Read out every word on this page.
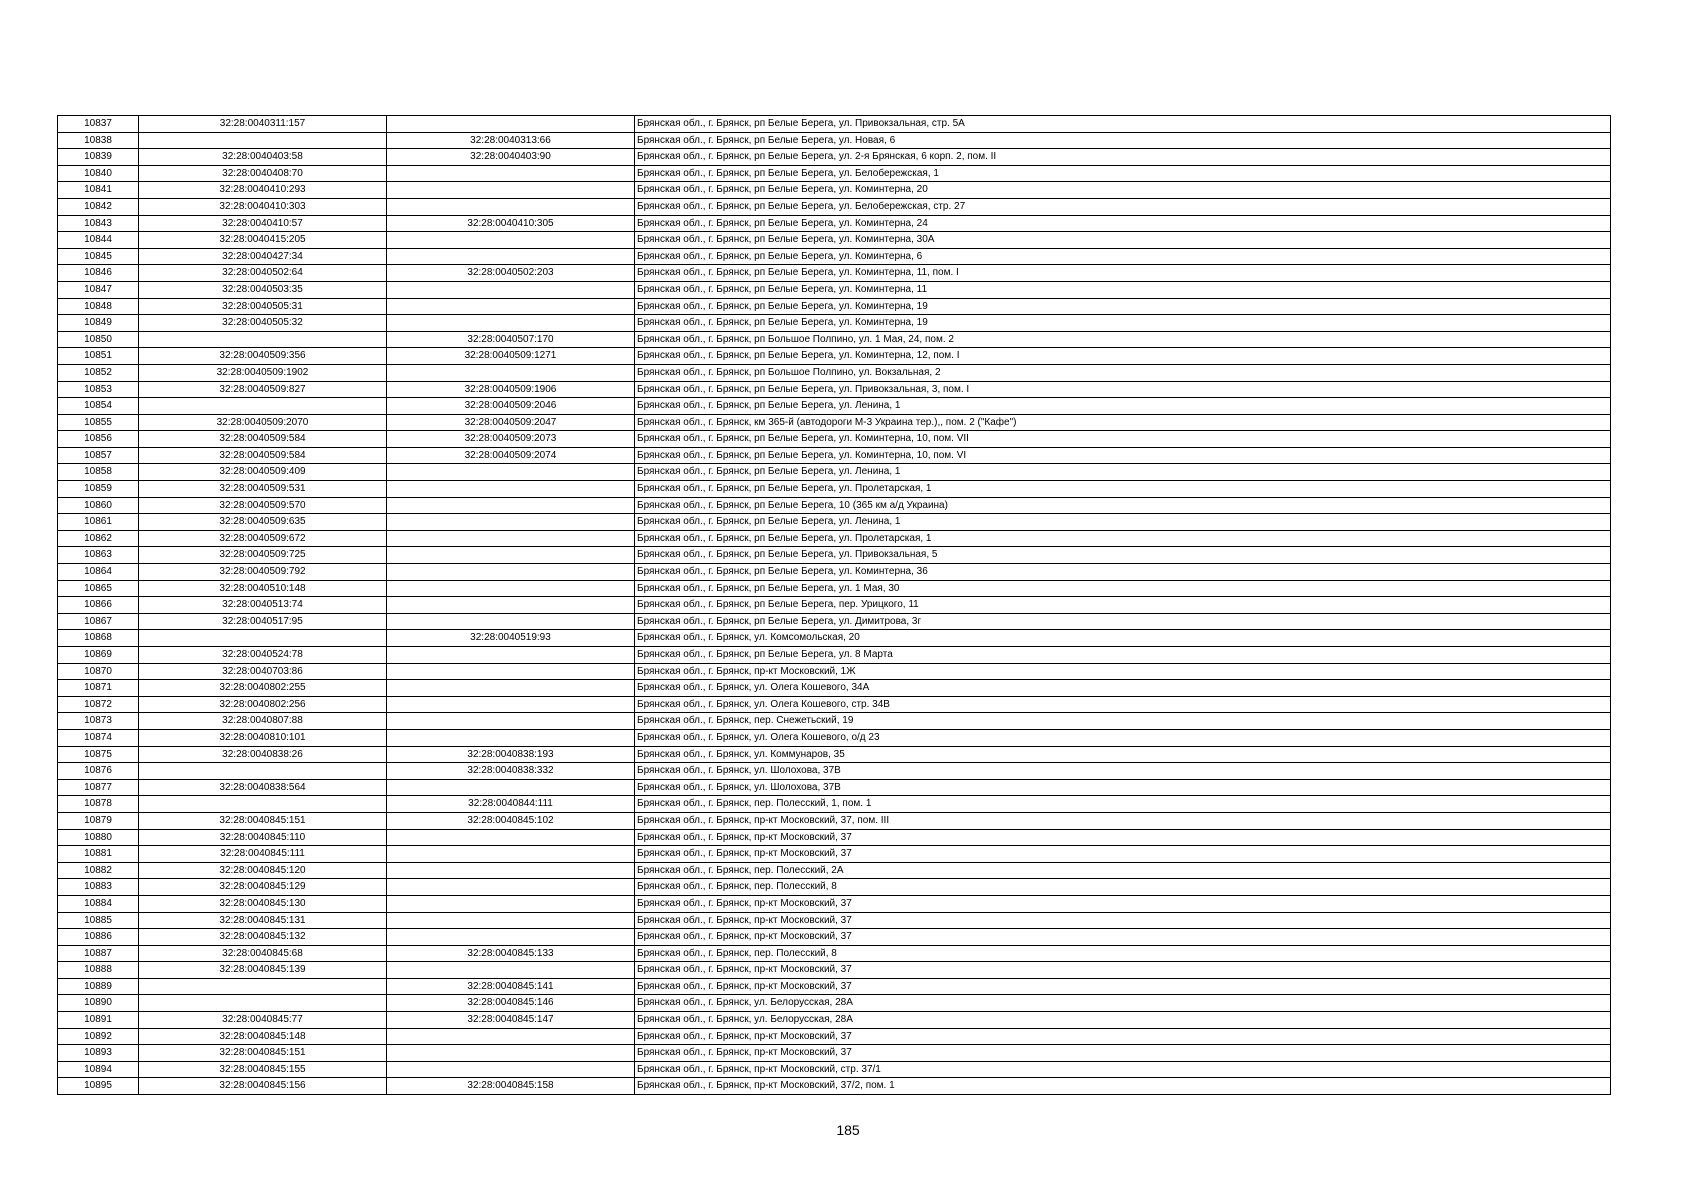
10837	32:28:0040311:157		Брянская обл., г. Брянск, рп Белые Берега, ул. Привокзальная, стр. 5А
10838		32:28:0040313:66	Брянская обл., г. Брянск, рп Белые Берега, ул. Новая, 6
10839	32:28:0040403:58	32:28:0040403:90	Брянская обл., г. Брянск, рп Белые Берега, ул. 2-я Брянская, 6 корп. 2, пом. II
10840	32:28:0040408:70		Брянская обл., г. Брянск, рп Белые Берега, ул. Белобережская, 1
10841	32:28:0040410:293		Брянская обл., г. Брянск, рп Белые Берега, ул. Коминтерна, 20
10842	32:28:0040410:303		Брянская обл., г. Брянск, рп Белые Берега, ул. Белобережская, стр. 27
10843	32:28:0040410:57	32:28:0040410:305	Брянская обл., г. Брянск, рп Белые Берега, ул. Коминтерна, 24
10844	32:28:0040415:205		Брянская обл., г. Брянск, рп Белые Берега, ул. Коминтерна, 30А
10845	32:28:0040427:34		Брянская обл., г. Брянск, рп Белые Берега, ул. Коминтерна, 6
10846	32:28:0040502:64	32:28:0040502:203	Брянская обл., г. Брянск, рп Белые Берега, ул. Коминтерна, 11, пом. I
10847	32:28:0040503:35		Брянская обл., г. Брянск, рп Белые Берега, ул. Коминтерна, 11
10848	32:28:0040505:31		Брянская обл., г. Брянск, рп Белые Берега, ул. Коминтерна, 19
10849	32:28:0040505:32		Брянская обл., г. Брянск, рп Белые Берега, ул. Коминтерна, 19
10850		32:28:0040507:170	Брянская обл., г. Брянск, рп Большое Полпино, ул. 1 Мая, 24, пом. 2
10851	32:28:0040509:356	32:28:0040509:1271	Брянская обл., г. Брянск, рп Белые Берега, ул. Коминтерна, 12, пом. I
10852	32:28:0040509:1902		Брянская обл., г. Брянск, рп Большое Полпино, ул. Вокзальная, 2
10853	32:28:0040509:827	32:28:0040509:1906	Брянская обл., г. Брянск, рп Белые Берега, ул. Привокзальная, 3, пом. I
10854		32:28:0040509:2046	Брянская обл., г. Брянск, рп Белые Берега, ул. Ленина, 1
10855	32:28:0040509:2070	32:28:0040509:2047	Брянская обл., г. Брянск, км 365-й (автодороги М-3 Украина тер.),, пом. 2 ("Кафе")
10856	32:28:0040509:584	32:28:0040509:2073	Брянская обл., г. Брянск, рп Белые Берега, ул. Коминтерна, 10, пом. VII
10857	32:28:0040509:584	32:28:0040509:2074	Брянская обл., г. Брянск, рп Белые Берега, ул. Коминтерна, 10, пом. VI
10858	32:28:0040509:409		Брянская обл., г. Брянск, рп Белые Берега, ул. Ленина, 1
10859	32:28:0040509:531		Брянская обл., г. Брянск, рп Белые Берега, ул. Пролетарская, 1
10860	32:28:0040509:570		Брянская обл., г. Брянск, рп Белые Берега, 10 (365 км а/д Украина)
10861	32:28:0040509:635		Брянская обл., г. Брянск, рп Белые Берега, ул. Ленина, 1
10862	32:28:0040509:672		Брянская обл., г. Брянск, рп Белые Берега, ул. Пролетарская, 1
10863	32:28:0040509:725		Брянская обл., г. Брянск, рп Белые Берега, ул. Привокзальная, 5
10864	32:28:0040509:792		Брянская обл., г. Брянск, рп Белые Берега, ул. Коминтерна, 36
10865	32:28:0040510:148		Брянская обл., г. Брянск, рп Белые Берега, ул. 1 Мая, 30
10866	32:28:0040513:74		Брянская обл., г. Брянск, рп Белые Берега, пер. Урицкого, 11
10867	32:28:0040517:95		Брянская обл., г. Брянск, рп Белые Берега, ул. Димитрова, 3г
10868		32:28:0040519:93	Брянская обл., г. Брянск, ул. Комсомольская, 20
10869	32:28:0040524:78		Брянская обл., г. Брянск, рп Белые Берега, ул. 8 Марта
10870	32:28:0040703:86		Брянская обл., г. Брянск, пр-кт Московский, 1Ж
10871	32:28:0040802:255		Брянская обл., г. Брянск, ул. Олега Кошевого, 34А
10872	32:28:0040802:256		Брянская обл., г. Брянск, ул. Олега Кошевого, стр. 34В
10873	32:28:0040807:88		Брянская обл., г. Брянск, пер. Снежетьский, 19
10874	32:28:0040810:101		Брянская обл., г. Брянск, ул. Олега Кошевого, о/д 23
10875	32:28:0040838:26	32:28:0040838:193	Брянская обл., г. Брянск, ул. Коммунаров, 35
10876		32:28:0040838:332	Брянская обл., г. Брянск, ул. Шолохова, 37В
10877	32:28:0040838:564		Брянская обл., г. Брянск, ул. Шолохова, 37В
10878		32:28:0040844:111	Брянская обл., г. Брянск, пер. Полесский, 1, пом. 1
10879	32:28:0040845:151	32:28:0040845:102	Брянская обл., г. Брянск, пр-кт Московский, 37, пом. III
10880	32:28:0040845:110		Брянская обл., г. Брянск, пр-кт Московский, 37
10881	32:28:0040845:111		Брянская обл., г. Брянск, пр-кт Московский, 37
10882	32:28:0040845:120		Брянская обл., г. Брянск, пер. Полесский, 2А
10883	32:28:0040845:129		Брянская обл., г. Брянск, пер. Полесский, 8
10884	32:28:0040845:130		Брянская обл., г. Брянск, пр-кт Московский, 37
10885	32:28:0040845:131		Брянская обл., г. Брянск, пр-кт Московский, 37
10886	32:28:0040845:132		Брянская обл., г. Брянск, пр-кт Московский, 37
10887	32:28:0040845:68	32:28:0040845:133	Брянская обл., г. Брянск, пер. Полесский, 8
10888	32:28:0040845:139		Брянская обл., г. Брянск, пр-кт Московский, 37
10889		32:28:0040845:141	Брянская обл., г. Брянск, пр-кт Московский, 37
10890		32:28:0040845:146	Брянская обл., г. Брянск, ул. Белорусская, 28А
10891	32:28:0040845:77	32:28:0040845:147	Брянская обл., г. Брянск, ул. Белорусская, 28А
10892	32:28:0040845:148		Брянская обл., г. Брянск, пр-кт Московский, 37
10893	32:28:0040845:151		Брянская обл., г. Брянск, пр-кт Московский, 37
10894	32:28:0040845:155		Брянская обл., г. Брянск, пр-кт Московский, стр. 37/1
10895	32:28:0040845:156	32:28:0040845:158	Брянская обл., г. Брянск, пр-кт Московский, 37/2, пом. 1
185
